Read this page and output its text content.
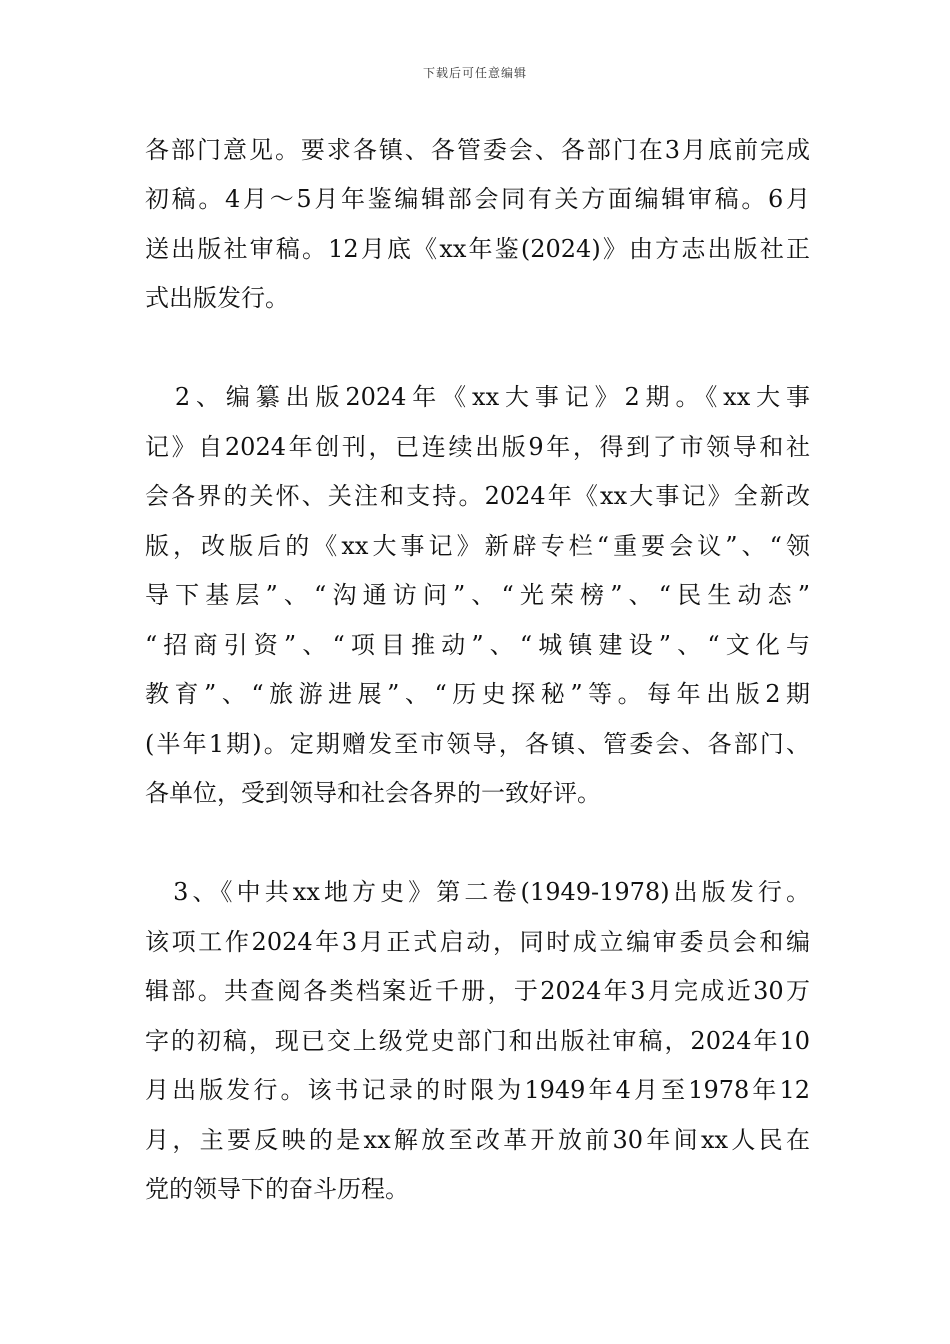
下载后可任意编辑
各部门意见。要求各镇、各管委会、各部门在3月底前完成
初稿。4月～5月年鉴编辑部会同有关方面编辑审稿。6月
送出版社审稿。12月底《xx年鉴(2024)》由方志出版社正
式出版发行。
　2、编纂出版2024年《xx大事记》2期。《xx大事
记》自2024年创刊，已连续出版9年，得到了市领导和社
会各界的关怀、关注和支持。2024年《xx大事记》全新改
版，改版后的《xx大事记》新辟专栏“重要会议”、“领
导下基层”、“沟通访问”、“光荣榜”、“民生动态”
“招商引资”、“项目推动”、“城镇建设”、“文化与
教育”、“旅游进展”、“历史探秘”等。每年出版2期
(半年1期)。定期赠发至市领导，各镇、管委会、各部门、
各单位，受到领导和社会各界的一致好评。
　3、《中共xx地方史》第二卷(1949-1978)出版发行。
该项工作2024年3月正式启动，同时成立编审委员会和编
辑部。共查阅各类档案近千册，于2024年3月完成近30万
字的初稿，现已交上级党史部门和出版社审稿，2024年10
月出版发行。该书记录的时限为1949年4月至1978年12
月，主要反映的是xx解放至改革开放前30年间xx人民在
党的领导下的奋斗历程。
